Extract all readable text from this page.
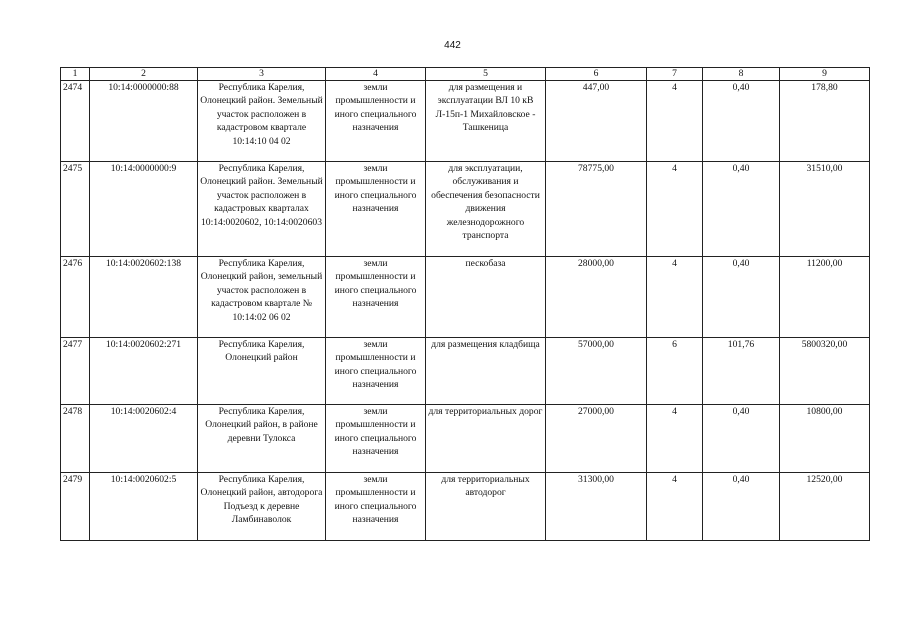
442
1	2	3	4	5	6	7	8	9
2474	10:14:0000000:88	Республика Карелия, Олонецкий район. Земельный участок расположен в кадастровом квартале 10:14:10 04 02	земли промышленности и иного специального назначения	для размещения и эксплуатации ВЛ 10 кВ Л-15п-1 Михайловское - Ташкеница	447,00	4	0,40	178,80
2475	10:14:0000000:9	Республика Карелия, Олонецкий район. Земельный участок расположен в кадастровых кварталах 10:14:0020602, 10:14:0020603	земли промышленности и иного специального назначения	для эксплуатации, обслуживания и обеспечения безопасности движения железнодорожного транспорта	78775,00	4	0,40	31510,00
2476	10:14:0020602:138	Республика Карелия, Олонецкий район, земельный участок расположен в кадастровом квартале № 10:14:02 06 02	земли промышленности и иного специального назначения	пескобаза	28000,00	4	0,40	11200,00
2477	10:14:0020602:271	Республика Карелия, Олонецкий район	земли промышленности и иного специального назначения	для размещения кладбища	57000,00	6	101,76	5800320,00
2478	10:14:0020602:4	Республика Карелия, Олонецкий район, в районе деревни Тулокса	земли промышленности и иного специального назначения	для территориальных дорог	27000,00	4	0,40	10800,00
2479	10:14:0020602:5	Республика Карелия, Олонецкий район, автодорога Подъезд к деревне Ламбинаволок	земли промышленности и иного специального назначения	для территориальных автодорог	31300,00	4	0,40	12520,00
